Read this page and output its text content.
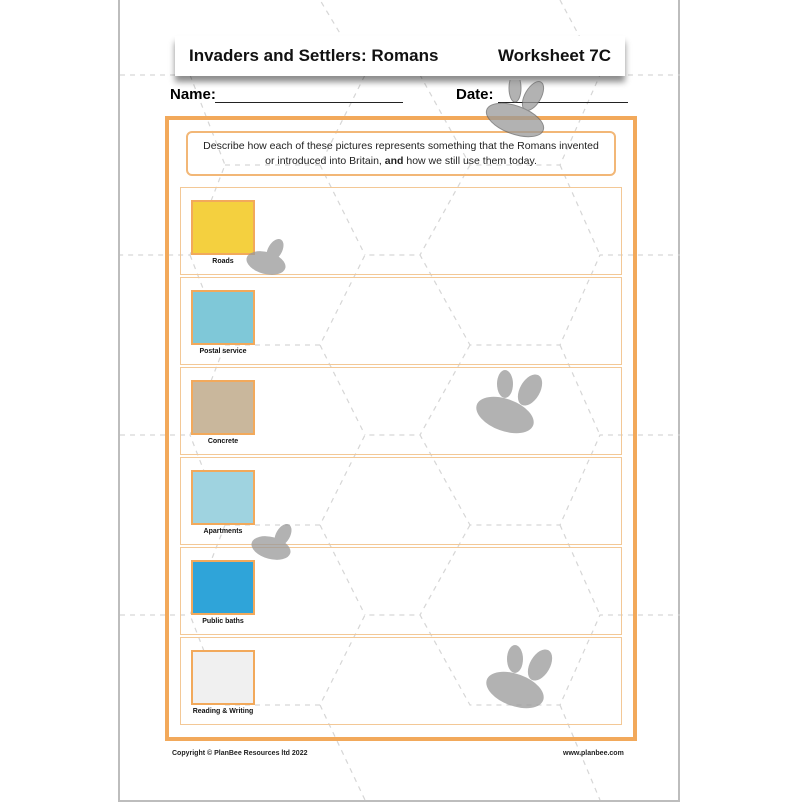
Invaders and Settlers: Romans	Worksheet 7C
Name:	Date:
Describe how each of these pictures represents something that the Romans invented
or introduced into Britain, and how we still use them today.
Roads
Postal service
Concrete
Apartments
Public baths
Reading & Writing
Copyright © PlanBee Resources ltd 2022	www.planbee.com
